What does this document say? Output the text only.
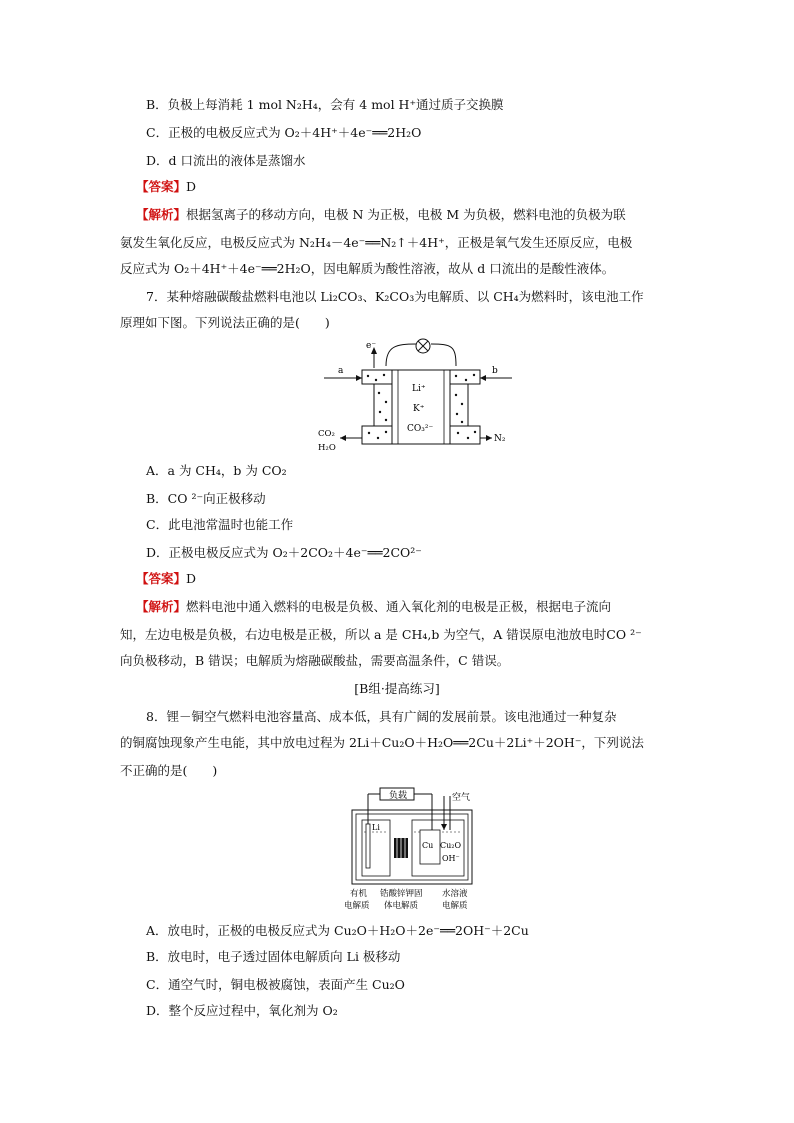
B．负极上每消耗 1 mol N₂H₄，会有 4 mol H⁺通过质子交换膜
C．正极的电极反应式为 O₂＋4H⁺＋4e⁻══2H₂O
D．d 口流出的液体是蒸馏水
【答案】D
【解析】根据氢离子的移动方向，电极 N 为正极，电极 M 为负极，燃料电池的负极为联
氨发生氧化反应，电极反应式为 N₂H₄－4e⁻══N₂↑＋4H⁺，正极是氧气发生还原反应，电极
反应式为 O₂＋4H⁺＋4e⁻══2H₂O，因电解质为酸性溶液，故从 d 口流出的是酸性液体。
7．某种熔融碳酸盐燃料电池以 Li₂CO₃、K₂CO₃为电解质、以 CH₄为燃料时，该电池工作
原理如下图。下列说法正确的是(　　)
e⁻
Li⁺
K⁺
CO₃²⁻
a	b
CO₂
H₂O
N₂
A．a 为 CH₄，b 为 CO₂
B．CO ²⁻向正极移动
C．此电池常温时也能工作
D．正极电极反应式为 O₂＋2CO₂＋4e⁻══2CO²⁻
【答案】D
【解析】燃料电池中通入燃料的电极是负极、通入氧化剂的电极是正极，根据电子流向
知，左边电极是负极，右边电极是正极，所以 a 是 CH₄,b 为空气，A 错误原电池放电时CO ²⁻
向负极移动，B 错误；电解质为熔融碳酸盐，需要高温条件，C 错误。
[B组·提高练习]
8．锂－铜空气燃料电池容量高、成本低，具有广阔的发展前景。该电池通过一种复杂
的铜腐蚀现象产生电能，其中放电过程为 2Li＋Cu₂O＋H₂O══2Cu＋2Li⁺＋2OH⁻，下列说法
不正确的是(　　)
负载	空气
Li
Cu Cu₂O
OH⁻
有机
电解质
锆酸锌钾固
体电解质
水溶液
电解质
A．放电时，正极的电极反应式为 Cu₂O＋H₂O＋2e⁻══2OH⁻＋2Cu
B．放电时，电子透过固体电解质向 Li 极移动
C．通空气时，铜电极被腐蚀，表面产生 Cu₂O
D．整个反应过程中，氧化剂为 O₂
